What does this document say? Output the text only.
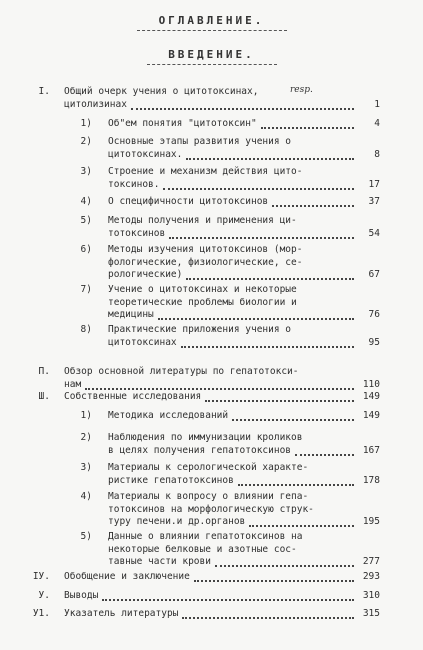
ОГЛАВЛЕНИЕ.
ВВЕДЕНИЕ.
I. Общий очерк учения о цитотоксинах,
цитолизинах	1
resp.
1) Об"ем понятия "цитотоксин"	4
2) Основные этапы развития учения о
цитотоксинах.	8
3) Строение и механизм действия цито-
токсинов.	17
4) О специфичности цитотоксинов	37
5) Методы получения и применения ци-
тотоксинов	54
6) Методы изучения цитотоксинов (мор-
фологические, физиологические, се-
рологические)	67
7) Учение о цитотоксинах и некоторые
теоретические проблемы биологии и
медицины	76
8) Практические приложения учения о
цитотоксинах	95
П. Обзор основной литературы по гепатотокси-
нам	110
Ш. Собственные исследования	149
1) Методика исследований	149
2) Наблюдения по иммунизации кроликов
в целях получения гепатотоксинов	167
3) Материалы к серологической характе-
ристике гепатотоксинов	178
4) Материалы к вопросу о влиянии гепа-
тотоксинов на морфологическую струк-
туру печени.и др.органов	195
5) Данные о влиянии гепатотоксинов на
некоторые белковые и азотные сос-
тавные части крови	277
ІУ. Обобщение и заключение	293
У. Выводы	310
У1. Указатель литературы	315
